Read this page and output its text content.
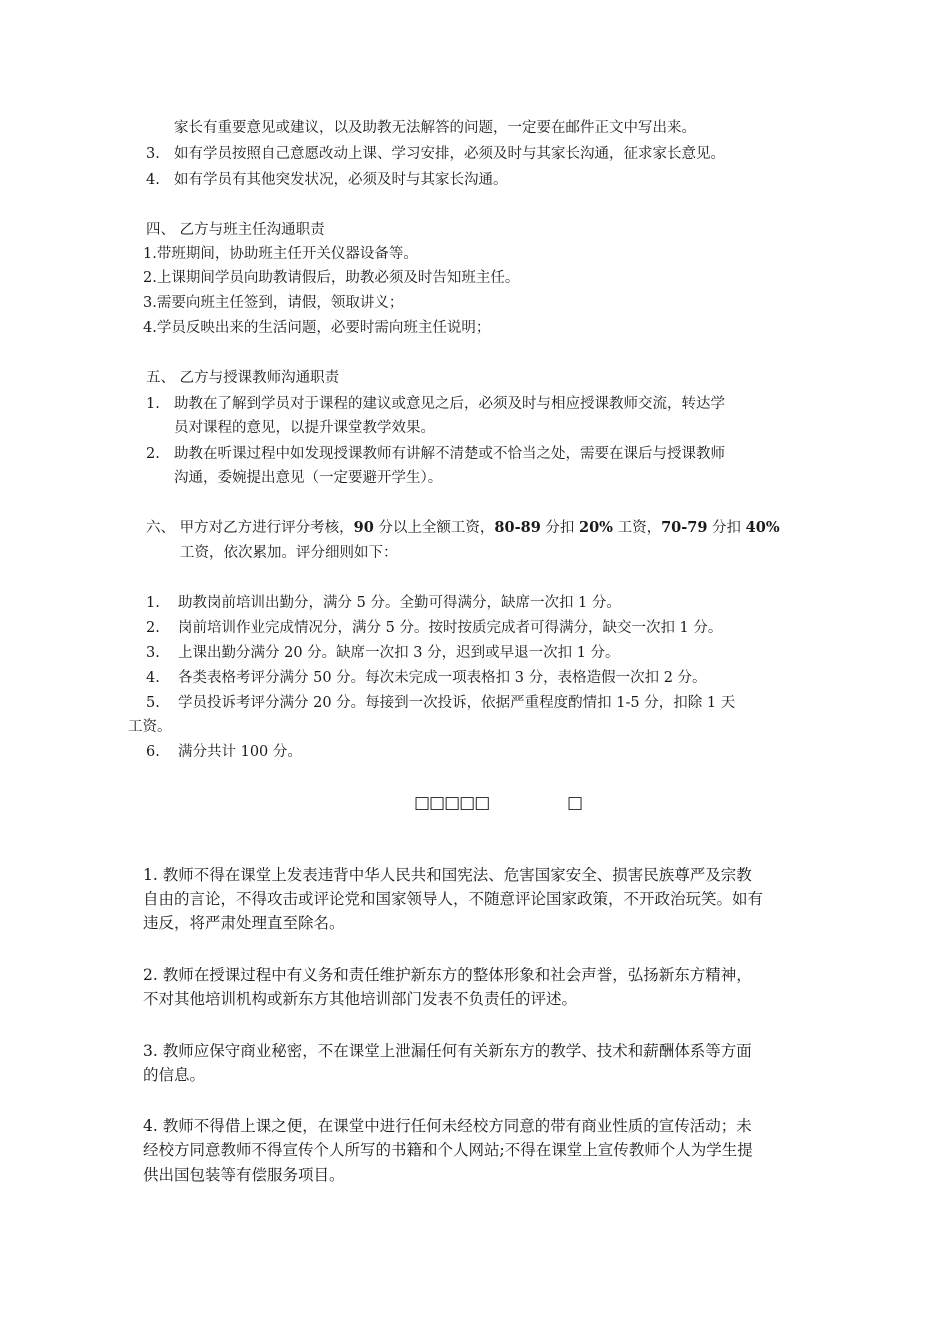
家长有重要意见或建议，以及助教无法解答的问题，一定要在邮件正文中写出来。
3. 如有学员按照自己意愿改动上课、学习安排，必须及时与其家长沟通，征求家长意见。
4. 如有学员有其他突发状况，必须及时与其家长沟通。
四、 乙方与班主任沟通职责
1.带班期间，协助班主任开关仪器设备等。
2.上课期间学员向助教请假后，助教必须及时告知班主任。
3.需要向班主任签到，请假，领取讲义；
4.学员反映出来的生活问题，必要时需向班主任说明；
五、 乙方与授课教师沟通职责
1. 助教在了解到学员对于课程的建议或意见之后，必须及时与相应授课教师交流，转达学
员对课程的意见，以提升课堂教学效果。
2. 助教在听课过程中如发现授课教师有讲解不清楚或不恰当之处，需要在课后与授课教师
沟通，委婉提出意见（一定要避开学生）。
六、 甲方对乙方进行评分考核，90 分以上全额工资，80-89 分扣 20% 工资，70-79 分扣 40%
工资，依次累加。评分细则如下：
1. 助教岗前培训出勤分，满分 5 分。全勤可得满分，缺席一次扣 1 分。
2. 岗前培训作业完成情况分，满分 5 分。按时按质完成者可得满分，缺交一次扣 1 分。
3. 上课出勤分满分 20 分。缺席一次扣 3 分，迟到或早退一次扣 1 分。
4. 各类表格考评分满分 50 分。每次未完成一项表格扣 3 分，表格造假一次扣 2 分。
5. 学员投诉考评分满分 20 分。每接到一次投诉，依据严重程度酌情扣 1-5 分，扣除 1 天
工资。
6. 满分共计 100 分。
□□□□□	□
1. 教师不得在课堂上发表违背中华人民共和国宪法、危害国家安全、损害民族尊严及宗教
自由的言论，不得攻击或评论党和国家领导人，不随意评论国家政策，不开政治玩笑。如有
违反，将严肃处理直至除名。
2. 教师在授课过程中有义务和责任维护新东方的整体形象和社会声誉，弘扬新东方精神，
不对其他培训机构或新东方其他培训部门发表不负责任的评述。
3. 教师应保守商业秘密，不在课堂上泄漏任何有关新东方的教学、技术和薪酬体系等方面
的信息。
4. 教师不得借上课之便，在课堂中进行任何未经校方同意的带有商业性质的宣传活动；未
经校方同意教师不得宣传个人所写的书籍和个人网站;不得在课堂上宣传教师个人为学生提
供出国包装等有偿服务项目。
